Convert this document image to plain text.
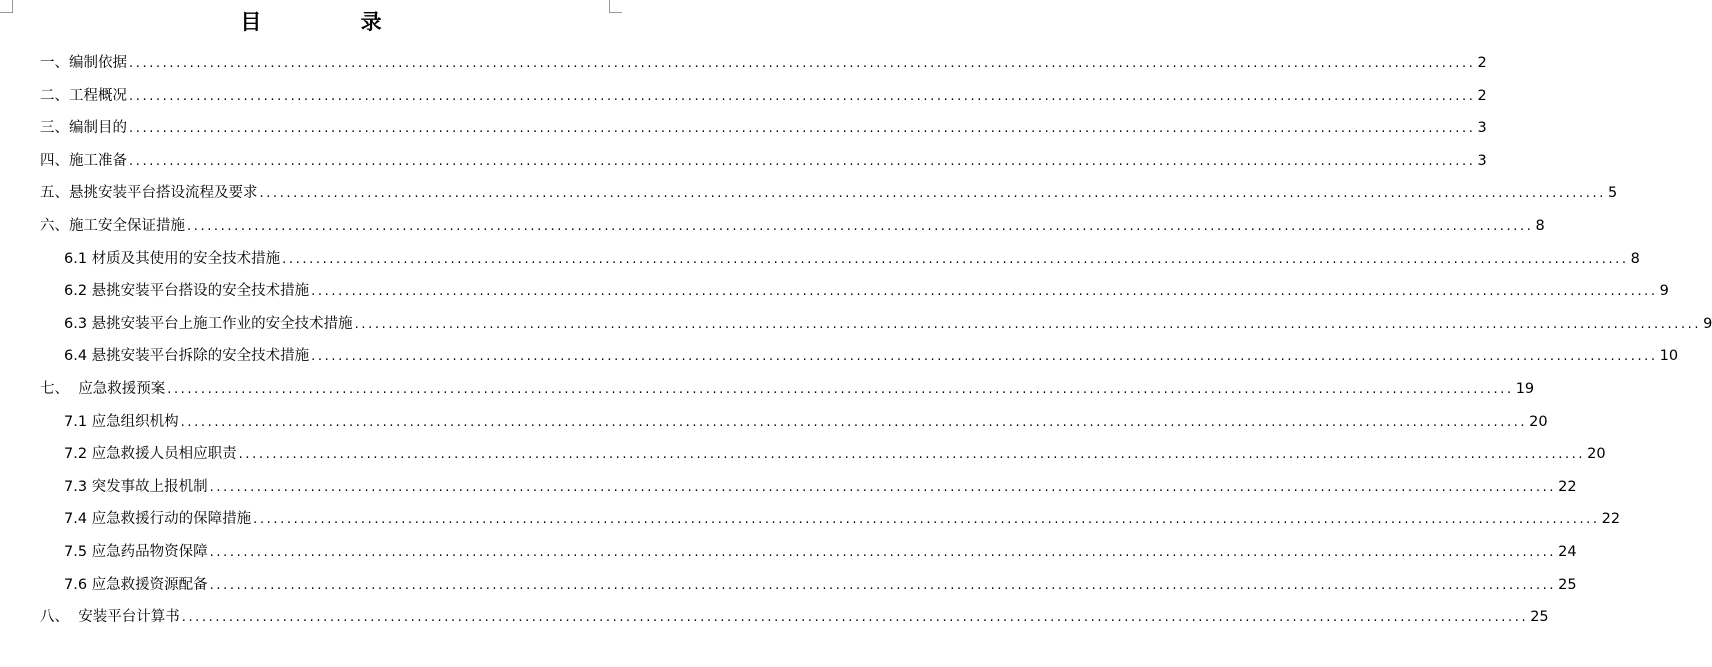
目 录
一、编制依据 ........................................................................................................................................................................................................ 2
二、工程概况 ........................................................................................................................................................................................................ 2
三、编制目的 ........................................................................................................................................................................................................ 3
四、施工准备 ........................................................................................................................................................................................................ 3
五、悬挑安装平台搭设流程及要求 ........................................................................................................................................................................................................ 5
六、施工安全保证措施 ........................................................................................................................................................................................................ 8
6.1 材质及其使用的安全技术措施 ........................................................................................................................................................................................................ 8
6.2 悬挑安装平台搭设的安全技术措施 ........................................................................................................................................................................................................ 9
6.3 悬挑安装平台上施工作业的安全技术措施 ........................................................................................................................................................................................................ 9
6.4 悬挑安装平台拆除的安全技术措施 ........................................................................................................................................................................................................ 10
七、  应急救援预案 ........................................................................................................................................................................................................ 19
7.1 应急组织机构 ........................................................................................................................................................................................................ 20
7.2 应急救援人员相应职责 ........................................................................................................................................................................................................ 20
7.3 突发事故上报机制 ........................................................................................................................................................................................................ 22
7.4 应急救援行动的保障措施 ........................................................................................................................................................................................................ 22
7.5 应急药品物资保障 ........................................................................................................................................................................................................ 24
7.6 应急救援资源配备 ........................................................................................................................................................................................................ 25
八、  安装平台计算书 ........................................................................................................................................................................................................ 25
